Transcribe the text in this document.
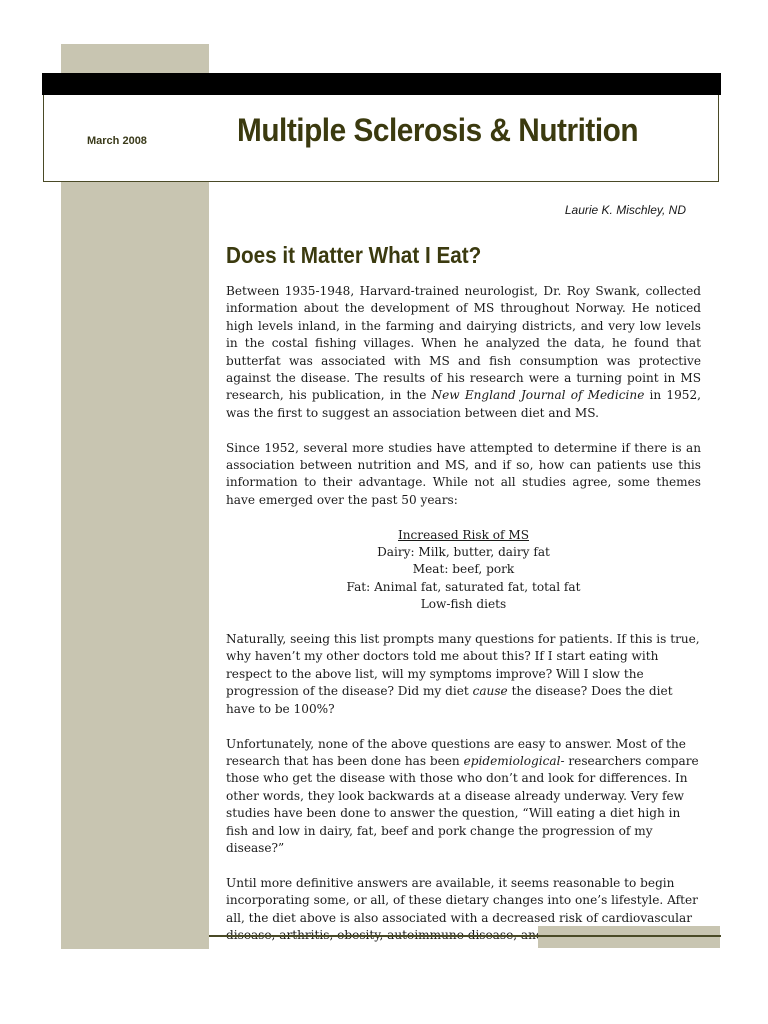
March 2008	Multiple Sclerosis & Nutrition
Laurie K. Mischley, ND
Does it Matter What I Eat?

Between 1935-1948, Harvard-trained neurologist, Dr. Roy Swank, collected information about the development of MS throughout Norway. He noticed high levels inland, in the farming and dairying districts, and very low levels in the costal fishing villages. When he analyzed the data, he found that butterfat was associated with MS and fish consumption was protective against the disease. The results of his research were a turning point in MS research, his publication, in the New England Journal of Medicine in 1952, was the first to suggest an association between diet and MS.

Since 1952, several more studies have attempted to determine if there is an association between nutrition and MS, and if so, how can patients use this information to their advantage. While not all studies agree, some themes have emerged over the past 50 years:

Increased Risk of MS
Dairy: Milk, butter, dairy fat
Meat: beef, pork
Fat: Animal fat, saturated fat, total fat
Low-fish diets

Naturally, seeing this list prompts many questions for patients. If this is true, why haven’t my other doctors told me about this? If I start eating with respect to the above list, will my symptoms improve? Will I slow the progression of the disease? Did my diet cause the disease? Does the diet have to be 100%?

Unfortunately, none of the above questions are easy to answer. Most of the research that has been done has been epidemiological- researchers compare those who get the disease with those who don’t and look for differences. In other words, they look backwards at a disease already underway. Very few studies have been done to answer the question, “Will eating a diet high in fish and low in dairy, fat, beef and pork change the progression of my disease?”

Until more definitive answers are available, it seems reasonable to begin incorporating some, or all, of these dietary changes into one’s lifestyle. After all, the diet above is also associated with a decreased risk of cardiovascular
